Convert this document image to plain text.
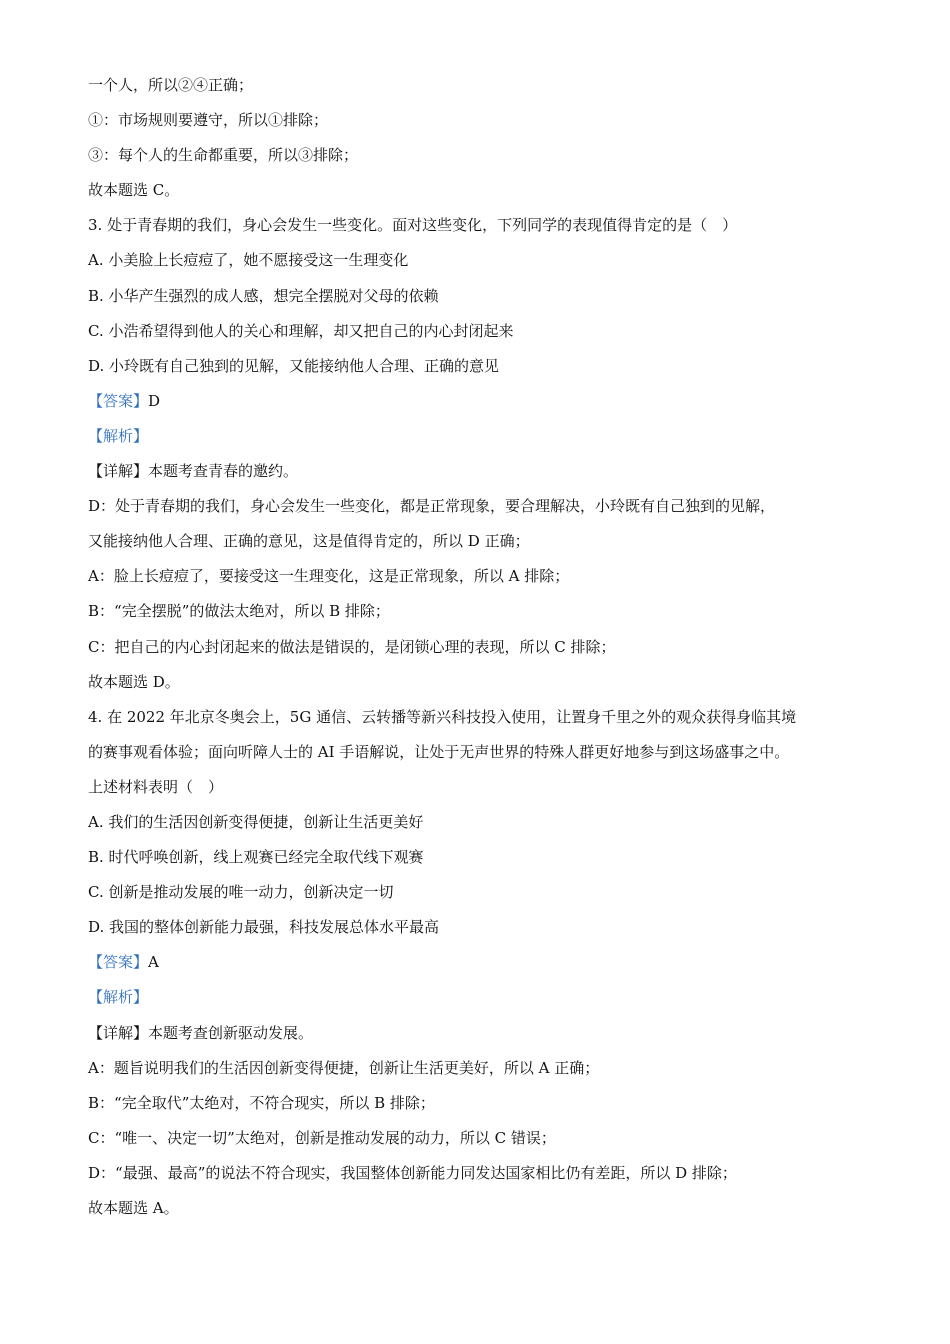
一个人，所以②④正确；
①：市场规则要遵守，所以①排除；
③：每个人的生命都重要，所以③排除；
故本题选 C。
3. 处于青春期的我们，身心会发生一些变化。面对这些变化，下列同学的表现值得肯定的是（　）
A. 小美脸上长痘痘了，她不愿接受这一生理变化
B. 小华产生强烈的成人感，想完全摆脱对父母的依赖
C. 小浩希望得到他人的关心和理解，却又把自己的内心封闭起来
D. 小玲既有自己独到的见解，又能接纳他人合理、正确的意见
【答案】D
【解析】
【详解】本题考查青春的邀约。
D：处于青春期的我们，身心会发生一些变化，都是正常现象，要合理解决，小玲既有自己独到的见解，
又能接纳他人合理、正确的意见，这是值得肯定的，所以 D 正确；
A：脸上长痘痘了，要接受这一生理变化，这是正常现象，所以 A 排除；
B：“完全摆脱”的做法太绝对，所以 B 排除；
C：把自己的内心封闭起来的做法是错误的，是闭锁心理的表现，所以 C 排除；
故本题选 D。
4. 在 2022 年北京冬奥会上，5G 通信、云转播等新兴科技投入使用，让置身千里之外的观众获得身临其境
的赛事观看体验；面向听障人士的 AI 手语解说，让处于无声世界的特殊人群更好地参与到这场盛事之中。
上述材料表明（　）
A. 我们的生活因创新变得便捷，创新让生活更美好
B. 时代呼唤创新，线上观赛已经完全取代线下观赛
C. 创新是推动发展的唯一动力，创新决定一切
D. 我国的整体创新能力最强，科技发展总体水平最高
【答案】A
【解析】
【详解】本题考查创新驱动发展。
A：题旨说明我们的生活因创新变得便捷，创新让生活更美好，所以 A 正确；
B：“完全取代”太绝对，不符合现实，所以 B 排除；
C：“唯一、决定一切”太绝对，创新是推动发展的动力，所以 C 错误；
D：“最强、最高”的说法不符合现实，我国整体创新能力同发达国家相比仍有差距，所以 D 排除；
故本题选 A。
